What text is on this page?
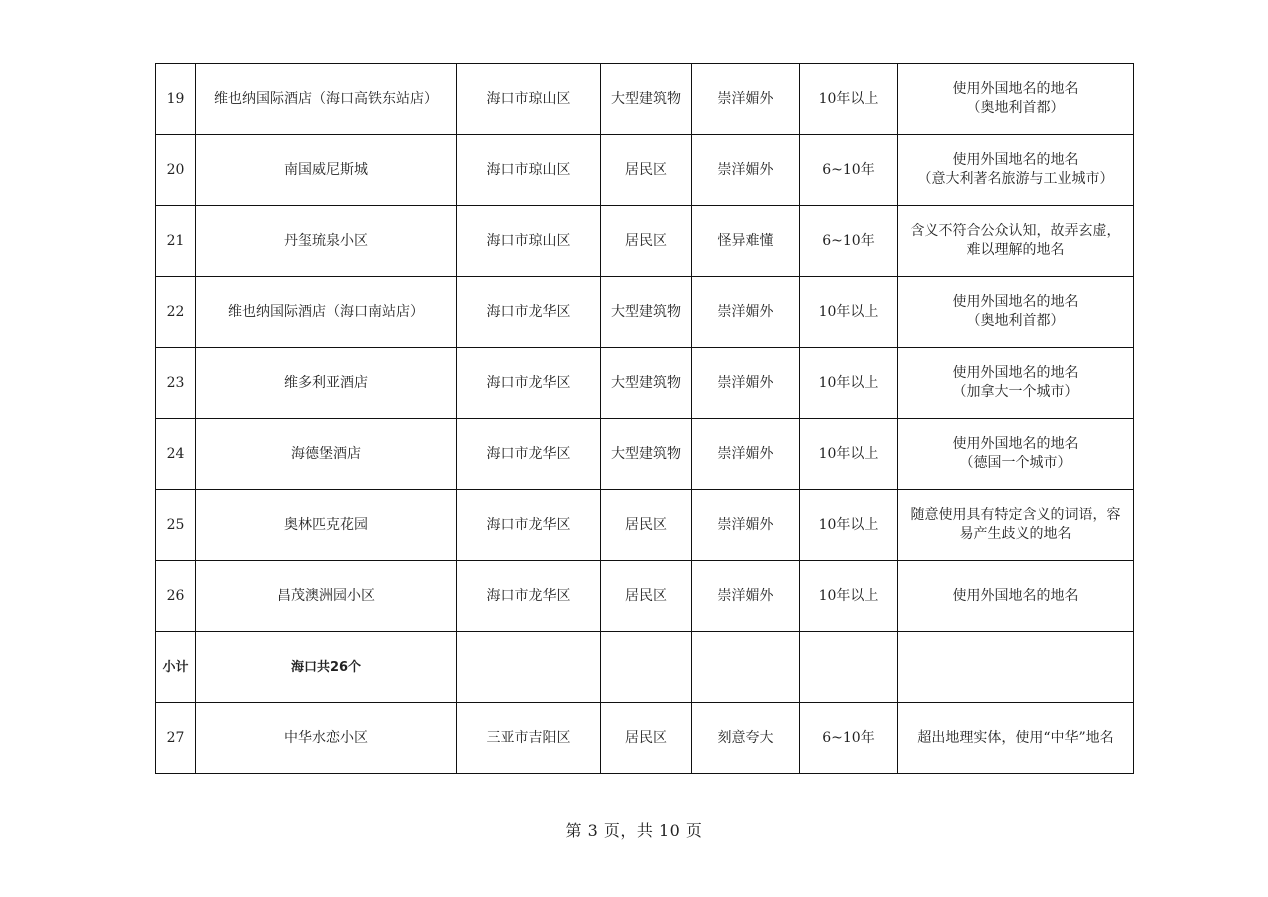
19	维也纳国际酒店（海口高铁东站店）	海口市琼山区	大型建筑物	崇洋媚外	10年以上	使用外国地名的地名
（奥地利首都）

20	南国威尼斯城	海口市琼山区	居民区	崇洋媚外	6~10年	使用外国地名的地名
（意大利著名旅游与工业城市）

21	丹玺琉泉小区	海口市琼山区	居民区	怪异难懂	6~10年	含义不符合公众认知，故弄玄虚，
难以理解的地名

22	维也纳国际酒店（海口南站店）	海口市龙华区	大型建筑物	崇洋媚外	10年以上	使用外国地名的地名
（奥地利首都）

23	维多利亚酒店	海口市龙华区	大型建筑物	崇洋媚外	10年以上	使用外国地名的地名
（加拿大一个城市）

24	海德堡酒店	海口市龙华区	大型建筑物	崇洋媚外	10年以上	使用外国地名的地名
（德国一个城市）

25	奥林匹克花园	海口市龙华区	居民区	崇洋媚外	10年以上	随意使用具有特定含义的词语，容
易产生歧义的地名

26	昌茂澳洲园小区	海口市龙华区	居民区	崇洋媚外	10年以上	使用外国地名的地名

小计	海口共26个					
27	中华水恋小区	三亚市吉阳区	居民区	刻意夸大	6~10年	超出地理实体，使用“中华”地名
第 3 页，共 10 页
